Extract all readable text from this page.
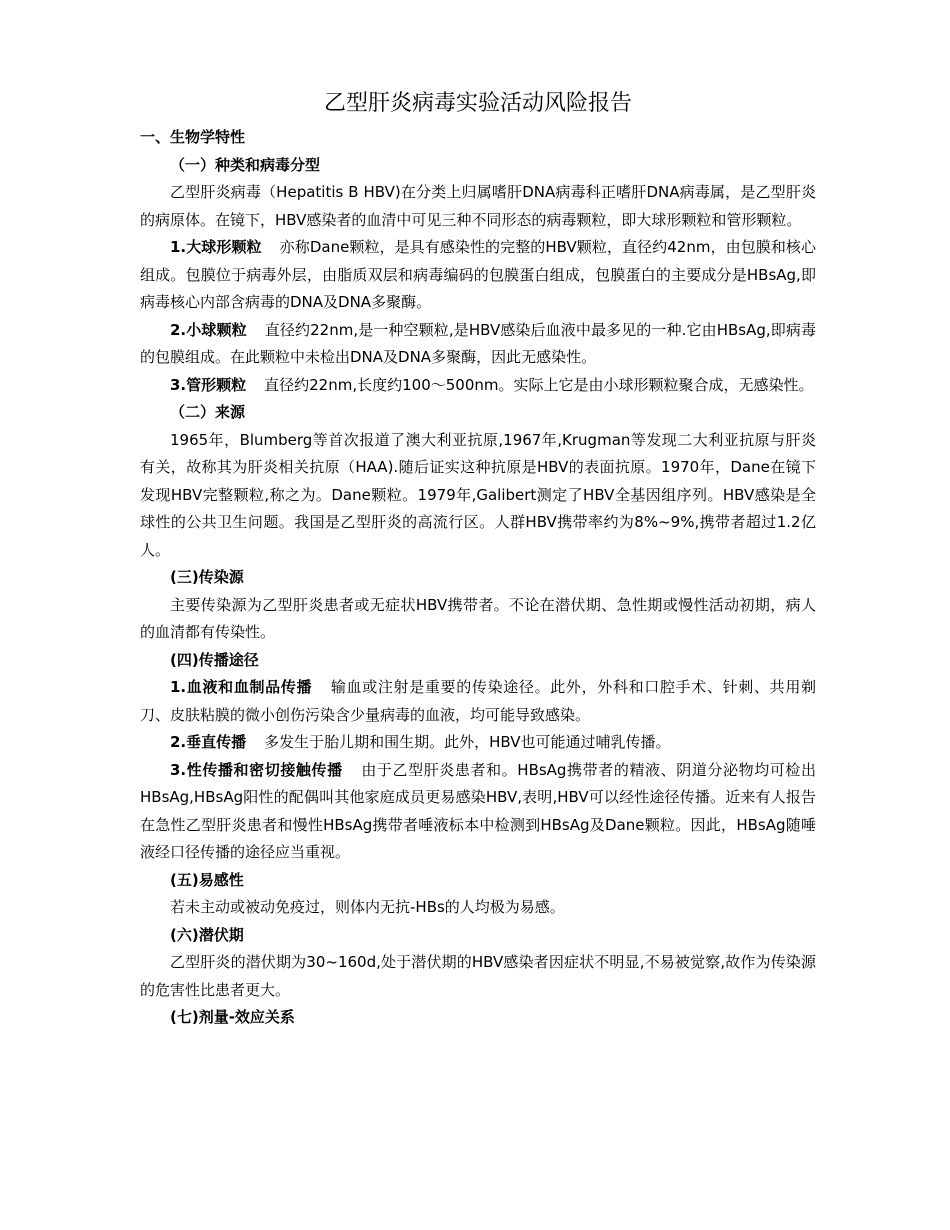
乙型肝炎病毒实验活动风险报告

一、生物学特性

（一）种类和病毒分型

乙型肝炎病毒（Hepatitis B HBV)在分类上归属嗜肝DNA病毒科正嗜肝DNA病毒属，是乙型肝炎的病原体。在镜下，HBV感染者的血清中可见三种不同形态的病毒颗粒，即大球形颗粒和管形颗粒。

1.大球形颗粒 亦称Dane颗粒，是具有感染性的完整的HBV颗粒，直径约42nm，由包膜和核心组成。包膜位于病毒外层，由脂质双层和病毒编码的包膜蛋白组成，包膜蛋白的主要成分是HBsAg,即病毒核心内部含病毒的DNA及DNA多聚酶。

2.小球颗粒 直径约22nm,是一种空颗粒,是HBV感染后血液中最多见的一种.它由HBsAg,即病毒的包膜组成。在此颗粒中未检出DNA及DNA多聚酶，因此无感染性。

3.管形颗粒 直径约22nm,长度约100～500nm。实际上它是由小球形颗粒聚合成，无感染性。

（二）来源

1965年，Blumberg等首次报道了澳大利亚抗原,1967年,Krugman等发现二大利亚抗原与肝炎有关，故称其为肝炎相关抗原（HAA).随后证实这种抗原是HBV的表面抗原。1970年，Dane在镜下发现HBV完整颗粒,称之为。Dane颗粒。1979年,Galibert测定了HBV全基因组序列。HBV感染是全球性的公共卫生问题。我国是乙型肝炎的高流行区。人群HBV携带率约为8%~9%,携带者超过1.2亿人。

(三)传染源

主要传染源为乙型肝炎患者或无症状HBV携带者。不论在潜伏期、急性期或慢性活动初期，病人的血清都有传染性。

(四)传播途径

1.血液和血制品传播 输血或注射是重要的传染途径。此外，外科和口腔手术、针刺、共用剃刀、皮肤粘膜的微小创伤污染含少量病毒的血液，均可能导致感染。

2.垂直传播 多发生于胎儿期和围生期。此外，HBV也可能通过哺乳传播。

3.性传播和密切接触传播 由于乙型肝炎患者和。HBsAg携带者的精液、阴道分泌物均可检出HBsAg,HBsAg阳性的配偶叫其他家庭成员更易感染HBV,表明,HBV可以经性途径传播。近来有人报告在急性乙型肝炎患者和慢性HBsAg携带者唾液标本中检测到HBsAg及Dane颗粒。因此，HBsAg随唾液经口径传播的途径应当重视。

(五)易感性

若未主动或被动免疫过，则体内无抗-HBs的人均极为易感。

(六)潜伏期

乙型肝炎的潜伏期为30~160d,处于潜伏期的HBV感染者因症状不明显,不易被觉察,故作为传染源的危害性比患者更大。

(七)剂量-效应关系
